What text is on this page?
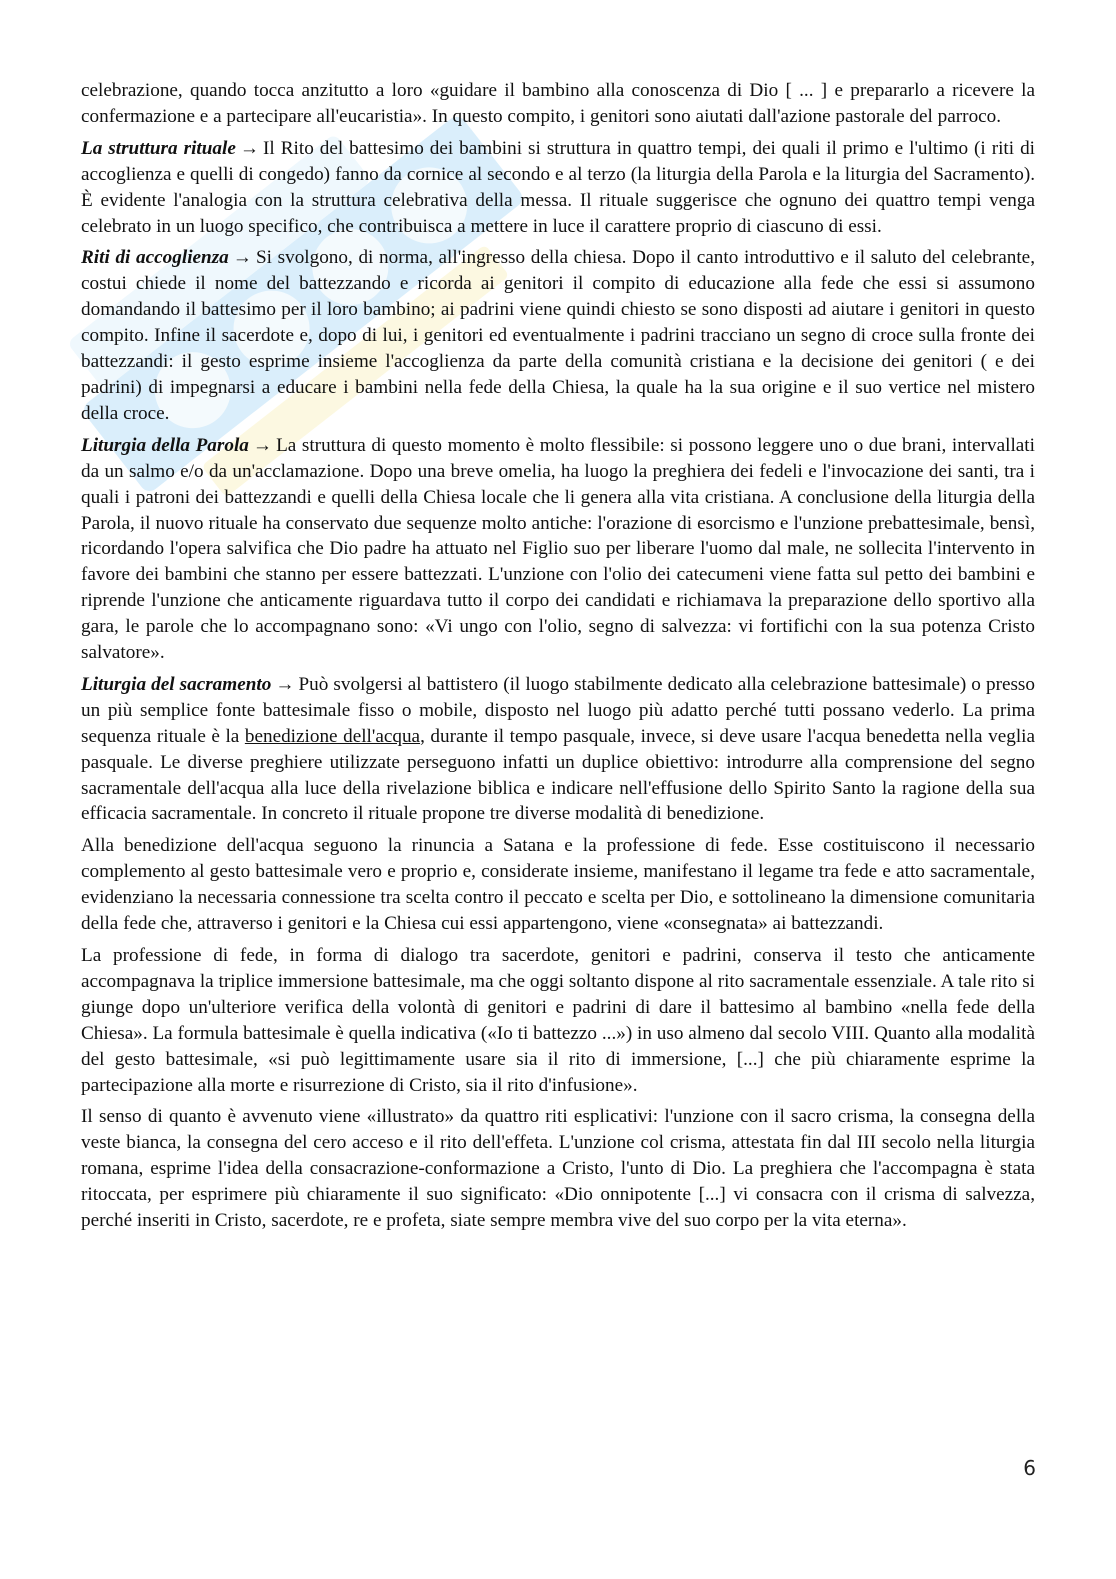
celebrazione, quando tocca anzitutto a loro «guidare il bambino alla conoscenza di Dio [ ... ] e prepararlo a ricevere la confermazione e a partecipare all'eucaristia». In questo compito, i genitori sono aiutati dall'azione pastorale del parroco.

La struttura rituale → Il Rito del battesimo dei bambini si struttura in quattro tempi, dei quali il primo e l'ultimo (i riti di accoglienza e quelli di congedo) fanno da cornice al secondo e al terzo (la liturgia della Parola e la liturgia del Sacramento). È evidente l'analogia con la struttura celebrativa della messa. Il rituale suggerisce che ognuno dei quattro tempi venga celebrato in un luogo specifico, che contribuisca a mettere in luce il carattere proprio di ciascuno di essi.

Riti di accoglienza → Si svolgono, di norma, all'ingresso della chiesa. Dopo il canto introduttivo e il saluto del celebrante, costui chiede il nome del battezzando e ricorda ai genitori il compito di educazione alla fede che essi si assumono domandando il battesimo per il loro bambino; ai padrini viene quindi chiesto se sono disposti ad aiutare i genitori in questo compito. Infine il sacerdote e, dopo di lui, i genitori ed eventualmente i padrini tracciano un segno di croce sulla fronte dei battezzandi: il gesto esprime insieme l'accoglienza da parte della comunità cristiana e la decisione dei genitori ( e dei padrini) di impegnarsi a educare i bambini nella fede della Chiesa, la quale ha la sua origine e il suo vertice nel mistero della croce.

Liturgia della Parola → La struttura di questo momento è molto flessibile: si possono leggere uno o due brani, intervallati da un salmo e/o da un'acclamazione. Dopo una breve omelia, ha luogo la preghiera dei fedeli e l'invocazione dei santi, tra i quali i patroni dei battezzandi e quelli della Chiesa locale che li genera alla vita cristiana. A conclusione della liturgia della Parola, il nuovo rituale ha conservato due sequenze molto antiche: l'orazione di esorcismo e l'unzione prebattesimale, bensì, ricordando l'opera salvifica che Dio padre ha attuato nel Figlio suo per liberare l'uomo dal male, ne sollecita l'intervento in favore dei bambini che stanno per essere battezzati. L'unzione con l'olio dei catecumeni viene fatta sul petto dei bambini e riprende l'unzione che anticamente riguardava tutto il corpo dei candidati e richiamava la preparazione dello sportivo alla gara, le parole che lo accompagnano sono: «Vi ungo con l'olio, segno di salvezza: vi fortifichi con la sua potenza Cristo salvatore».

Liturgia del sacramento → Può svolgersi al battistero (il luogo stabilmente dedicato alla celebrazione battesimale) o presso un più semplice fonte battesimale fisso o mobile, disposto nel luogo più adatto perché tutti possano vederlo. La prima sequenza rituale è la benedizione dell'acqua, durante il tempo pasquale, invece, si deve usare l'acqua benedetta nella veglia pasquale. Le diverse preghiere utilizzate perseguono infatti un duplice obiettivo: introdurre alla comprensione del segno sacramentale dell'acqua alla luce della rivelazione biblica e indicare nell'effusione dello Spirito Santo la ragione della sua efficacia sacramentale. In concreto il rituale propone tre diverse modalità di benedizione.

Alla benedizione dell'acqua seguono la rinuncia a Satana e la professione di fede. Esse costituiscono il necessario complemento al gesto battesimale vero e proprio e, considerate insieme, manifestano il legame tra fede e atto sacramentale, evidenziano la necessaria connessione tra scelta contro il peccato e scelta per Dio, e sottolineano la dimensione comunitaria della fede che, attraverso i genitori e la Chiesa cui essi appartengono, viene «consegnata» ai battezzandi.

La professione di fede, in forma di dialogo tra sacerdote, genitori e padrini, conserva il testo che anticamente accompagnava la triplice immersione battesimale, ma che oggi soltanto dispone al rito sacramentale essenziale. A tale rito si giunge dopo un'ulteriore verifica della volontà di genitori e padrini di dare il battesimo al bambino «nella fede della Chiesa». La formula battesimale è quella indicativa («Io ti battezzo ...») in uso almeno dal secolo VIII. Quanto alla modalità del gesto battesimale, «si può legittimamente usare sia il rito di immersione, [...] che più chiaramente esprime la partecipazione alla morte e risurrezione di Cristo, sia il rito d'infusione».

Il senso di quanto è avvenuto viene «illustrato» da quattro riti esplicativi: l'unzione con il sacro crisma, la consegna della veste bianca, la consegna del cero acceso e il rito dell'effeta. L'unzione col crisma, attestata fin dal III secolo nella liturgia romana, esprime l'idea della consacrazione-conformazione a Cristo, l'unto di Dio. La preghiera che l'accompagna è stata ritoccata, per esprimere più chiaramente il suo significato: «Dio onnipotente [...] vi consacra con il crisma di salvezza, perché inseriti in Cristo, sacerdote, re e profeta, siate sempre membra vive del suo corpo per la vita eterna».

6
